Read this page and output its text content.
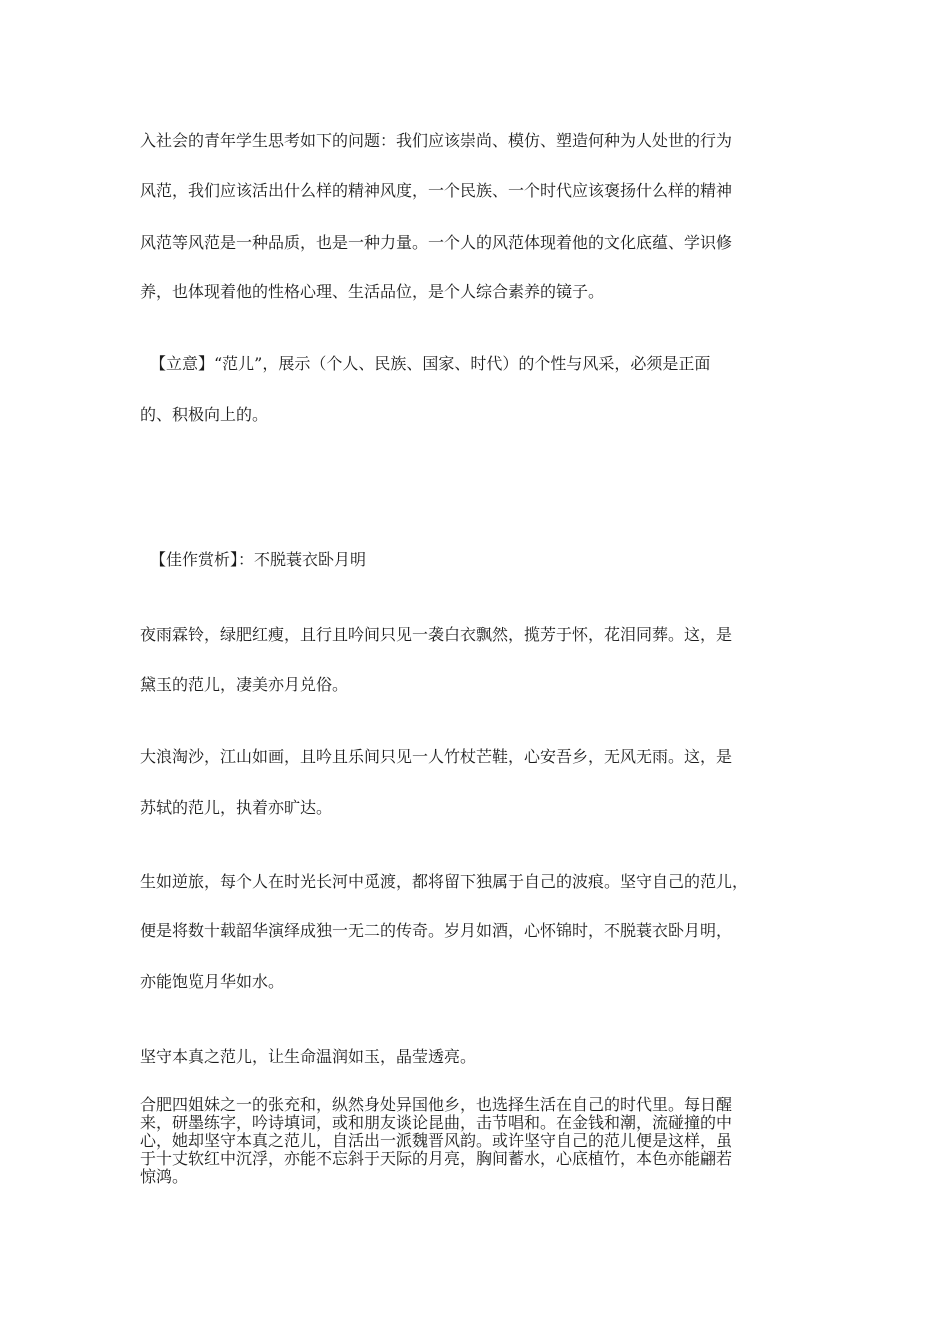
入社会的青年学生思考如下的问题：我们应该崇尚、模仿、塑造何种为人处世的行为
风范，我们应该活出什么样的精神风度，一个民族、一个时代应该褒扬什么样的精神
风范等风范是一种品质，也是一种力量。一个人的风范体现着他的文化底蕴、学识修
养，也体现着他的性格心理、生活品位，是个人综合素养的镜子。
【立意】“范儿”，展示（个人、民族、国家、时代）的个性与风采，必须是正面
的、积极向上的。
【佳作赏析】：不脱蓑衣卧月明
夜雨霖铃，绿肥红瘦，且行且吟间只见一袭白衣飘然，揽芳于怀，花泪同葬。这，是
黛玉的范儿，凄美亦月兑俗。
大浪淘沙，江山如画，且吟且乐间只见一人竹杖芒鞋，心安吾乡，无风无雨。这，是
苏轼的范儿，执着亦旷达。
生如逆旅，每个人在时光长河中觅渡，都将留下独属于自己的波痕。坚守自己的范儿，
便是将数十载韶华演绎成独一无二的传奇。岁月如酒，心怀锦时，不脱蓑衣卧月明，
亦能饱览月华如水。
坚守本真之范儿，让生命温润如玉，晶莹透亮。
合肥四姐妹之一的张充和，纵然身处异国他乡，也选择生活在自己的时代里。每日醒
来，研墨练字，吟诗填词，或和朋友谈论昆曲，击节唱和。在金钱和潮，流碰撞的中
心，她却坚守本真之范儿，自活出一派魏晋风韵。或许坚守自己的范儿便是这样，虽
于十丈软红中沉浮，亦能不忘斜于天际的月亮，胸间蓄水，心底植竹，本色亦能翩若
惊鸿。
